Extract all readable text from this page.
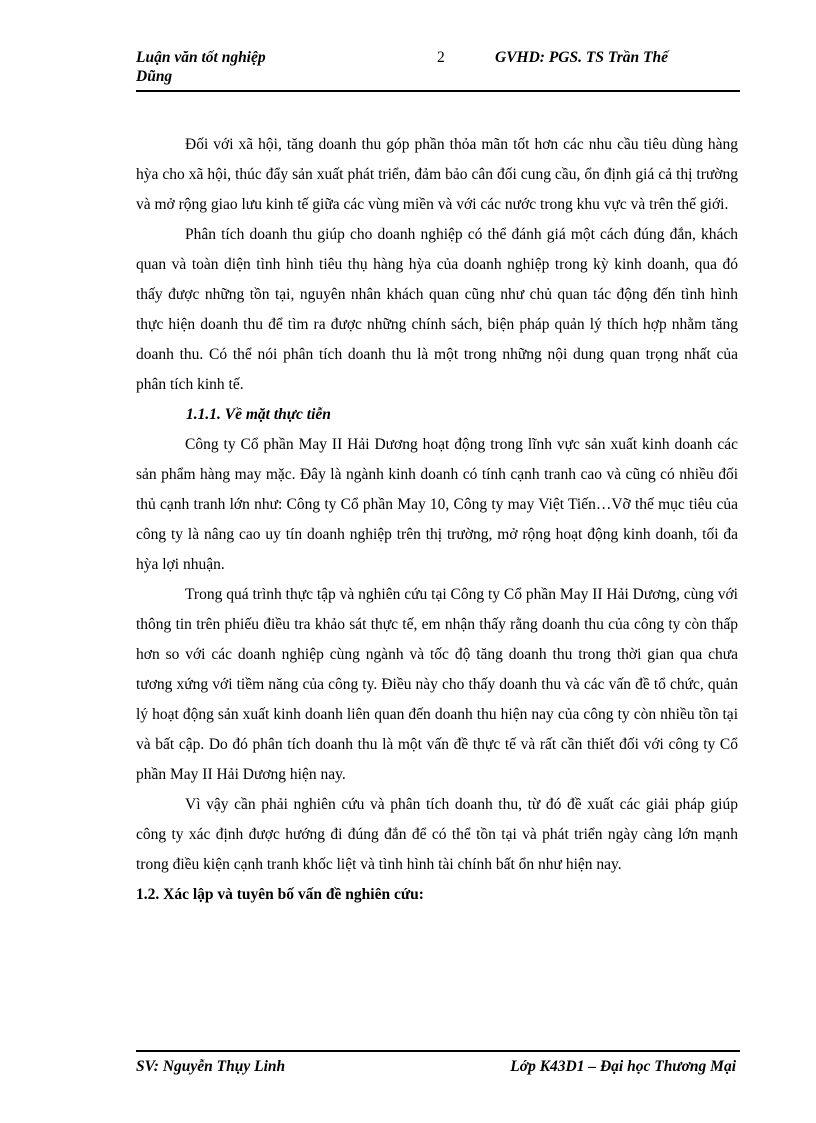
Luận văn tốt nghiệp
Dũng
2	GVHD: PGS. TS Trần Thế

Đối với xã hội, tăng doanh thu góp phần thỏa mãn tốt hơn các nhu cầu tiêu dùng hàng hỳa cho xã hội, thúc đẩy sản xuất phát triển, đảm bảo cân đối cung cầu, ổn định giá cả thị trường và mở rộng giao lưu kinh tế giữa các vùng miền và với các nước trong khu vực và trên thế giới.

Phân tích doanh thu giúp cho doanh nghiệp có thể đánh giá một cách đúng đắn, khách quan và toàn diện tình hình tiêu thụ hàng hỳa của doanh nghiệp trong kỳ kinh doanh, qua đó thấy được những tồn tại, nguyên nhân khách quan cũng như chủ quan tác động đến tình hình thực hiện doanh thu để tìm ra được những chính sách, biện pháp quản lý thích hợp nhằm tăng doanh thu. Có thể nói phân tích doanh thu là một trong những nội dung quan trọng nhất của phân tích kinh tế.

1.1.1. Về mặt thực tiễn

Công ty Cổ phần May II Hải Dương hoạt động trong lĩnh vực sản xuất kinh doanh các sản phẩm hàng may mặc. Đây là ngành kinh doanh có tính cạnh tranh cao và cũng có nhiều đối thủ cạnh tranh lớn như: Công ty Cổ phần May 10, Công ty may Việt Tiến…Vỡ thế mục tiêu của công ty là nâng cao uy tín doanh nghiệp trên thị trường, mở rộng hoạt động kinh doanh, tối đa hỳa lợi nhuận.

Trong quá trình thực tập và nghiên cứu tại Công ty Cổ phần May II Hải Dương, cùng với thông tin trên phiếu điều tra khảo sát thực tế, em nhận thấy rằng doanh thu của công ty còn thấp hơn so với các doanh nghiệp cùng ngành và tốc độ tăng doanh thu trong thời gian qua chưa tương xứng với tiềm năng của công ty. Điều này cho thấy doanh thu và các vấn đề tổ chức, quản lý hoạt động sản xuất kinh doanh liên quan đến doanh thu hiện nay của công ty còn nhiều tồn tại và bất cập. Do đó phân tích doanh thu là một vấn đề thực tế và rất cần thiết đối với công ty Cổ phần May II Hải Dương hiện nay.

Vì vậy cần phải nghiên cứu và phân tích doanh thu, từ đó đề xuất các giải pháp giúp công ty xác định được hướng đi đúng đắn để có thể tồn tại và phát triển ngày càng lớn mạnh trong điều kiện cạnh tranh khốc liệt và tình hình tài chính bất ổn như hiện nay.

1.2. Xác lập và tuyên bố vấn đề nghiên cứu:
SV: Nguyễn Thụy Linh	Lớp K43D1 – Đại học Thương Mại
